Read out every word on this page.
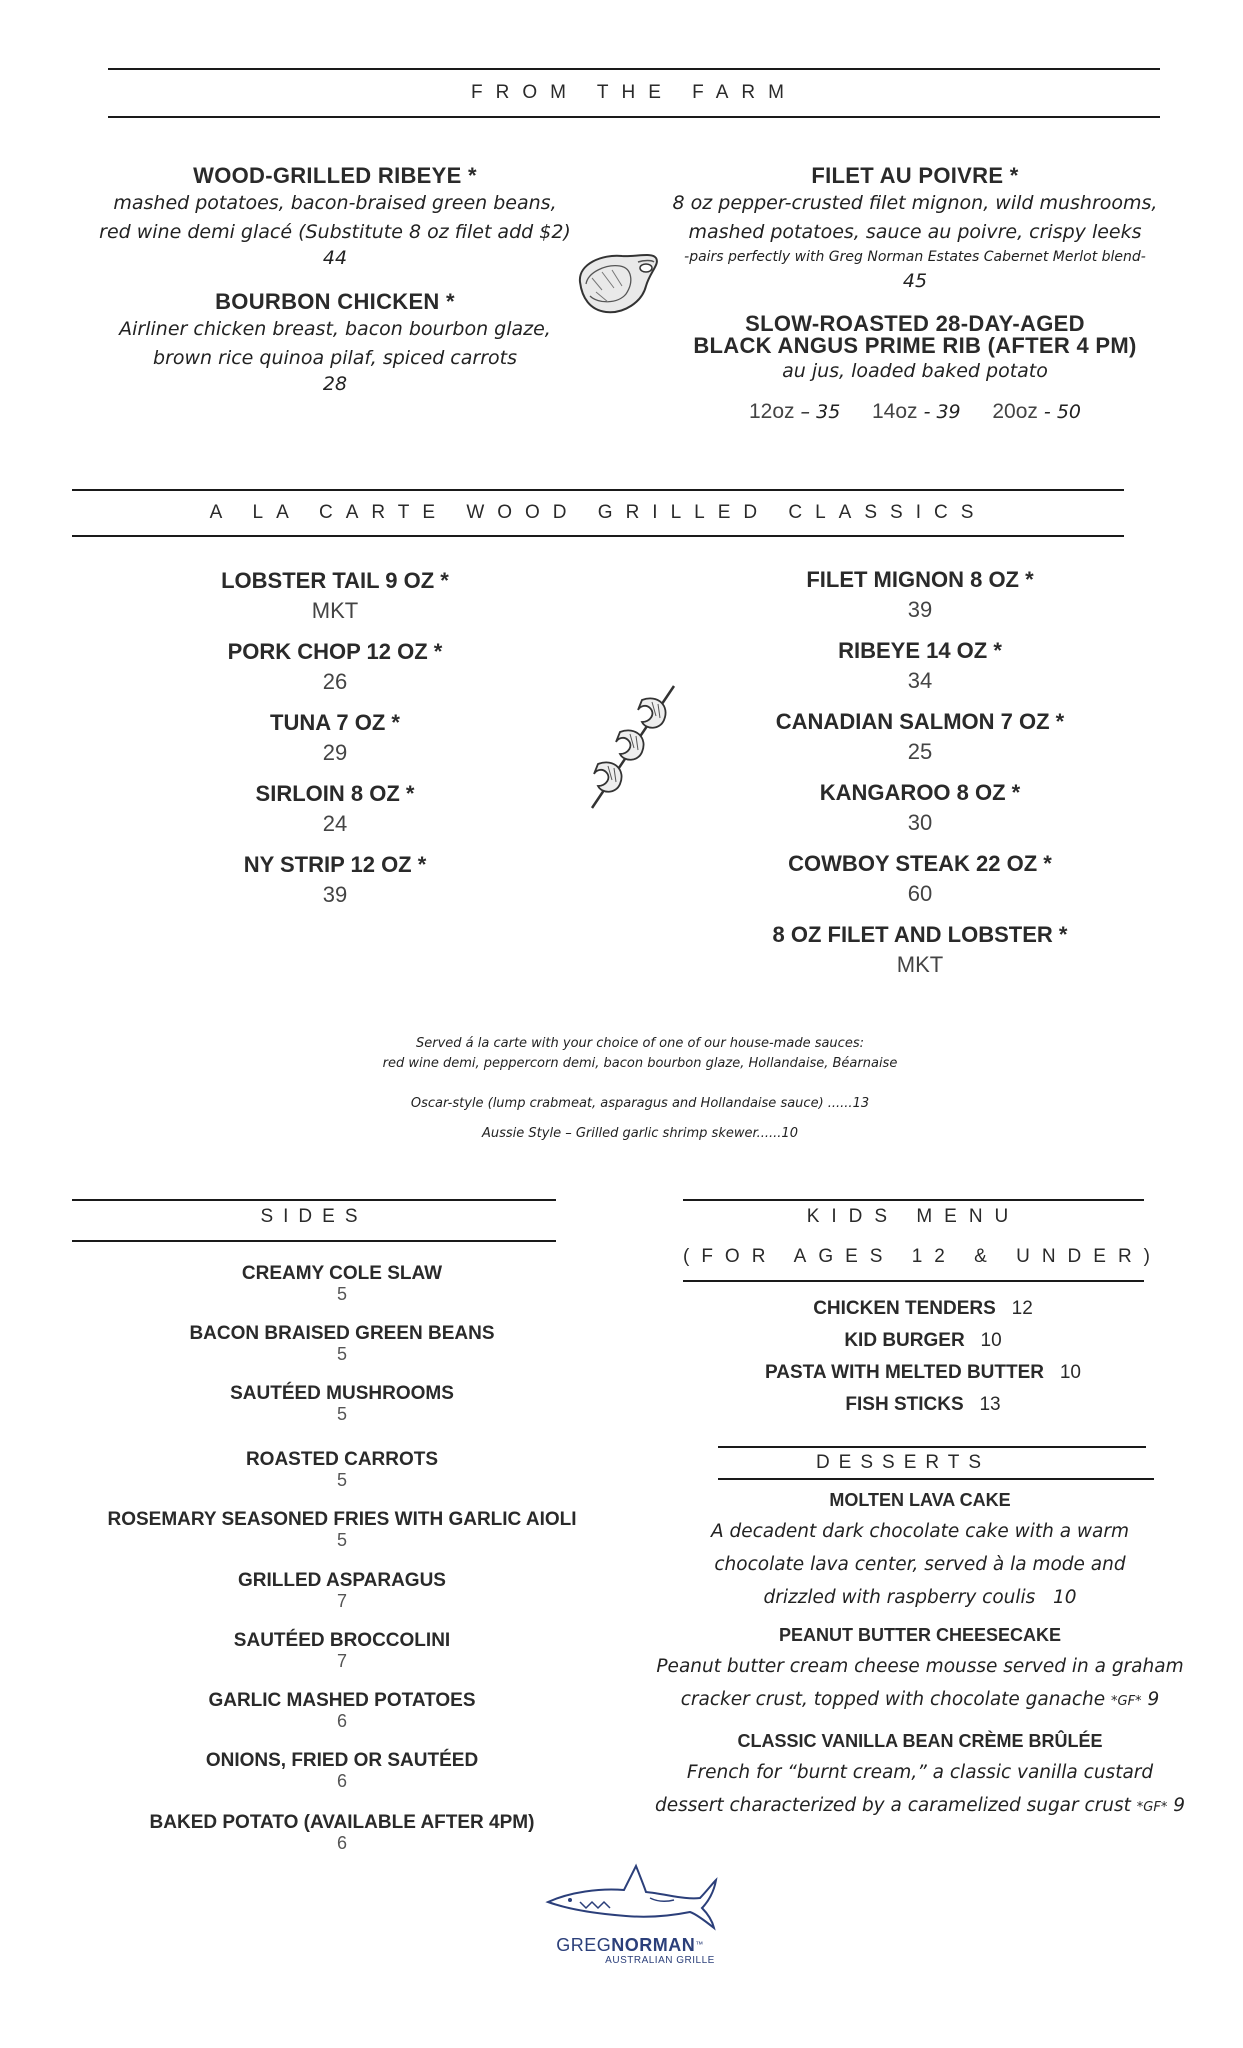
FROM THE FARM
WOOD-GRILLED RIBEYE *
mashed potatoes, bacon-braised green beans,
red wine demi glacé (Substitute 8 oz filet add $2)
44
BOURBON CHICKEN *
Airliner chicken breast, bacon bourbon glaze,
brown rice quinoa pilaf, spiced carrots
28
FILET AU POIVRE *
8 oz pepper-crusted filet mignon, wild mushrooms,
mashed potatoes, sauce au poivre, crispy leeks
-pairs perfectly with Greg Norman Estates Cabernet Merlot blend-
45
SLOW-ROASTED 28-DAY-AGED
BLACK ANGUS PRIME RIB (AFTER 4 PM)
au jus, loaded baked potato
12oz – 35 14oz - 39 20oz - 50
A LA CARTE WOOD GRILLED CLASSICS
LOBSTER TAIL 9 OZ *
MKT
PORK CHOP 12 OZ *
26
TUNA 7 OZ *
29
SIRLOIN 8 OZ *
24
NY STRIP 12 OZ *
39
FILET MIGNON 8 OZ *
39
RIBEYE 14 OZ *
34
CANADIAN SALMON 7 OZ *
25
KANGAROO 8 OZ *
30
COWBOY STEAK 22 OZ *
60
8 OZ FILET AND LOBSTER *
MKT
Served á la carte with your choice of one of our house-made sauces:
red wine demi, peppercorn demi, bacon bourbon glaze, Hollandaise, Béarnaise
Oscar-style (lump crabmeat, asparagus and Hollandaise sauce) ......13
Aussie Style – Grilled garlic shrimp skewer......10
SIDES
CREAMY COLE SLAW
5
BACON BRAISED GREEN BEANS
5
SAUTÉED MUSHROOMS
5
ROASTED CARROTS
5
ROSEMARY SEASONED FRIES WITH GARLIC AIOLI
5
GRILLED ASPARAGUS
7
SAUTÉED BROCCOLINI
7
GARLIC MASHED POTATOES
6
ONIONS, FRIED OR SAUTÉED
6
BAKED POTATO (AVAILABLE AFTER 4PM)
6
KIDS MENU
(FOR AGES 12 & UNDER)
CHICKEN TENDERS 12
KID BURGER 10
PASTA WITH MELTED BUTTER 10
FISH STICKS 13
DESSERTS
MOLTEN LAVA CAKE
A decadent dark chocolate cake with a warm
chocolate lava center, served à la mode and
drizzled with raspberry coulis 10
PEANUT BUTTER CHEESECAKE
Peanut butter cream cheese mousse served in a graham
cracker crust, topped with chocolate ganache *GF* 9
CLASSIC VANILLA BEAN CRÈME BRÛLÉE
French for “burnt cream,” a classic vanilla custard
dessert characterized by a caramelized sugar crust *GF* 9
GREGNORMAN™
AUSTRALIAN GRILLE
